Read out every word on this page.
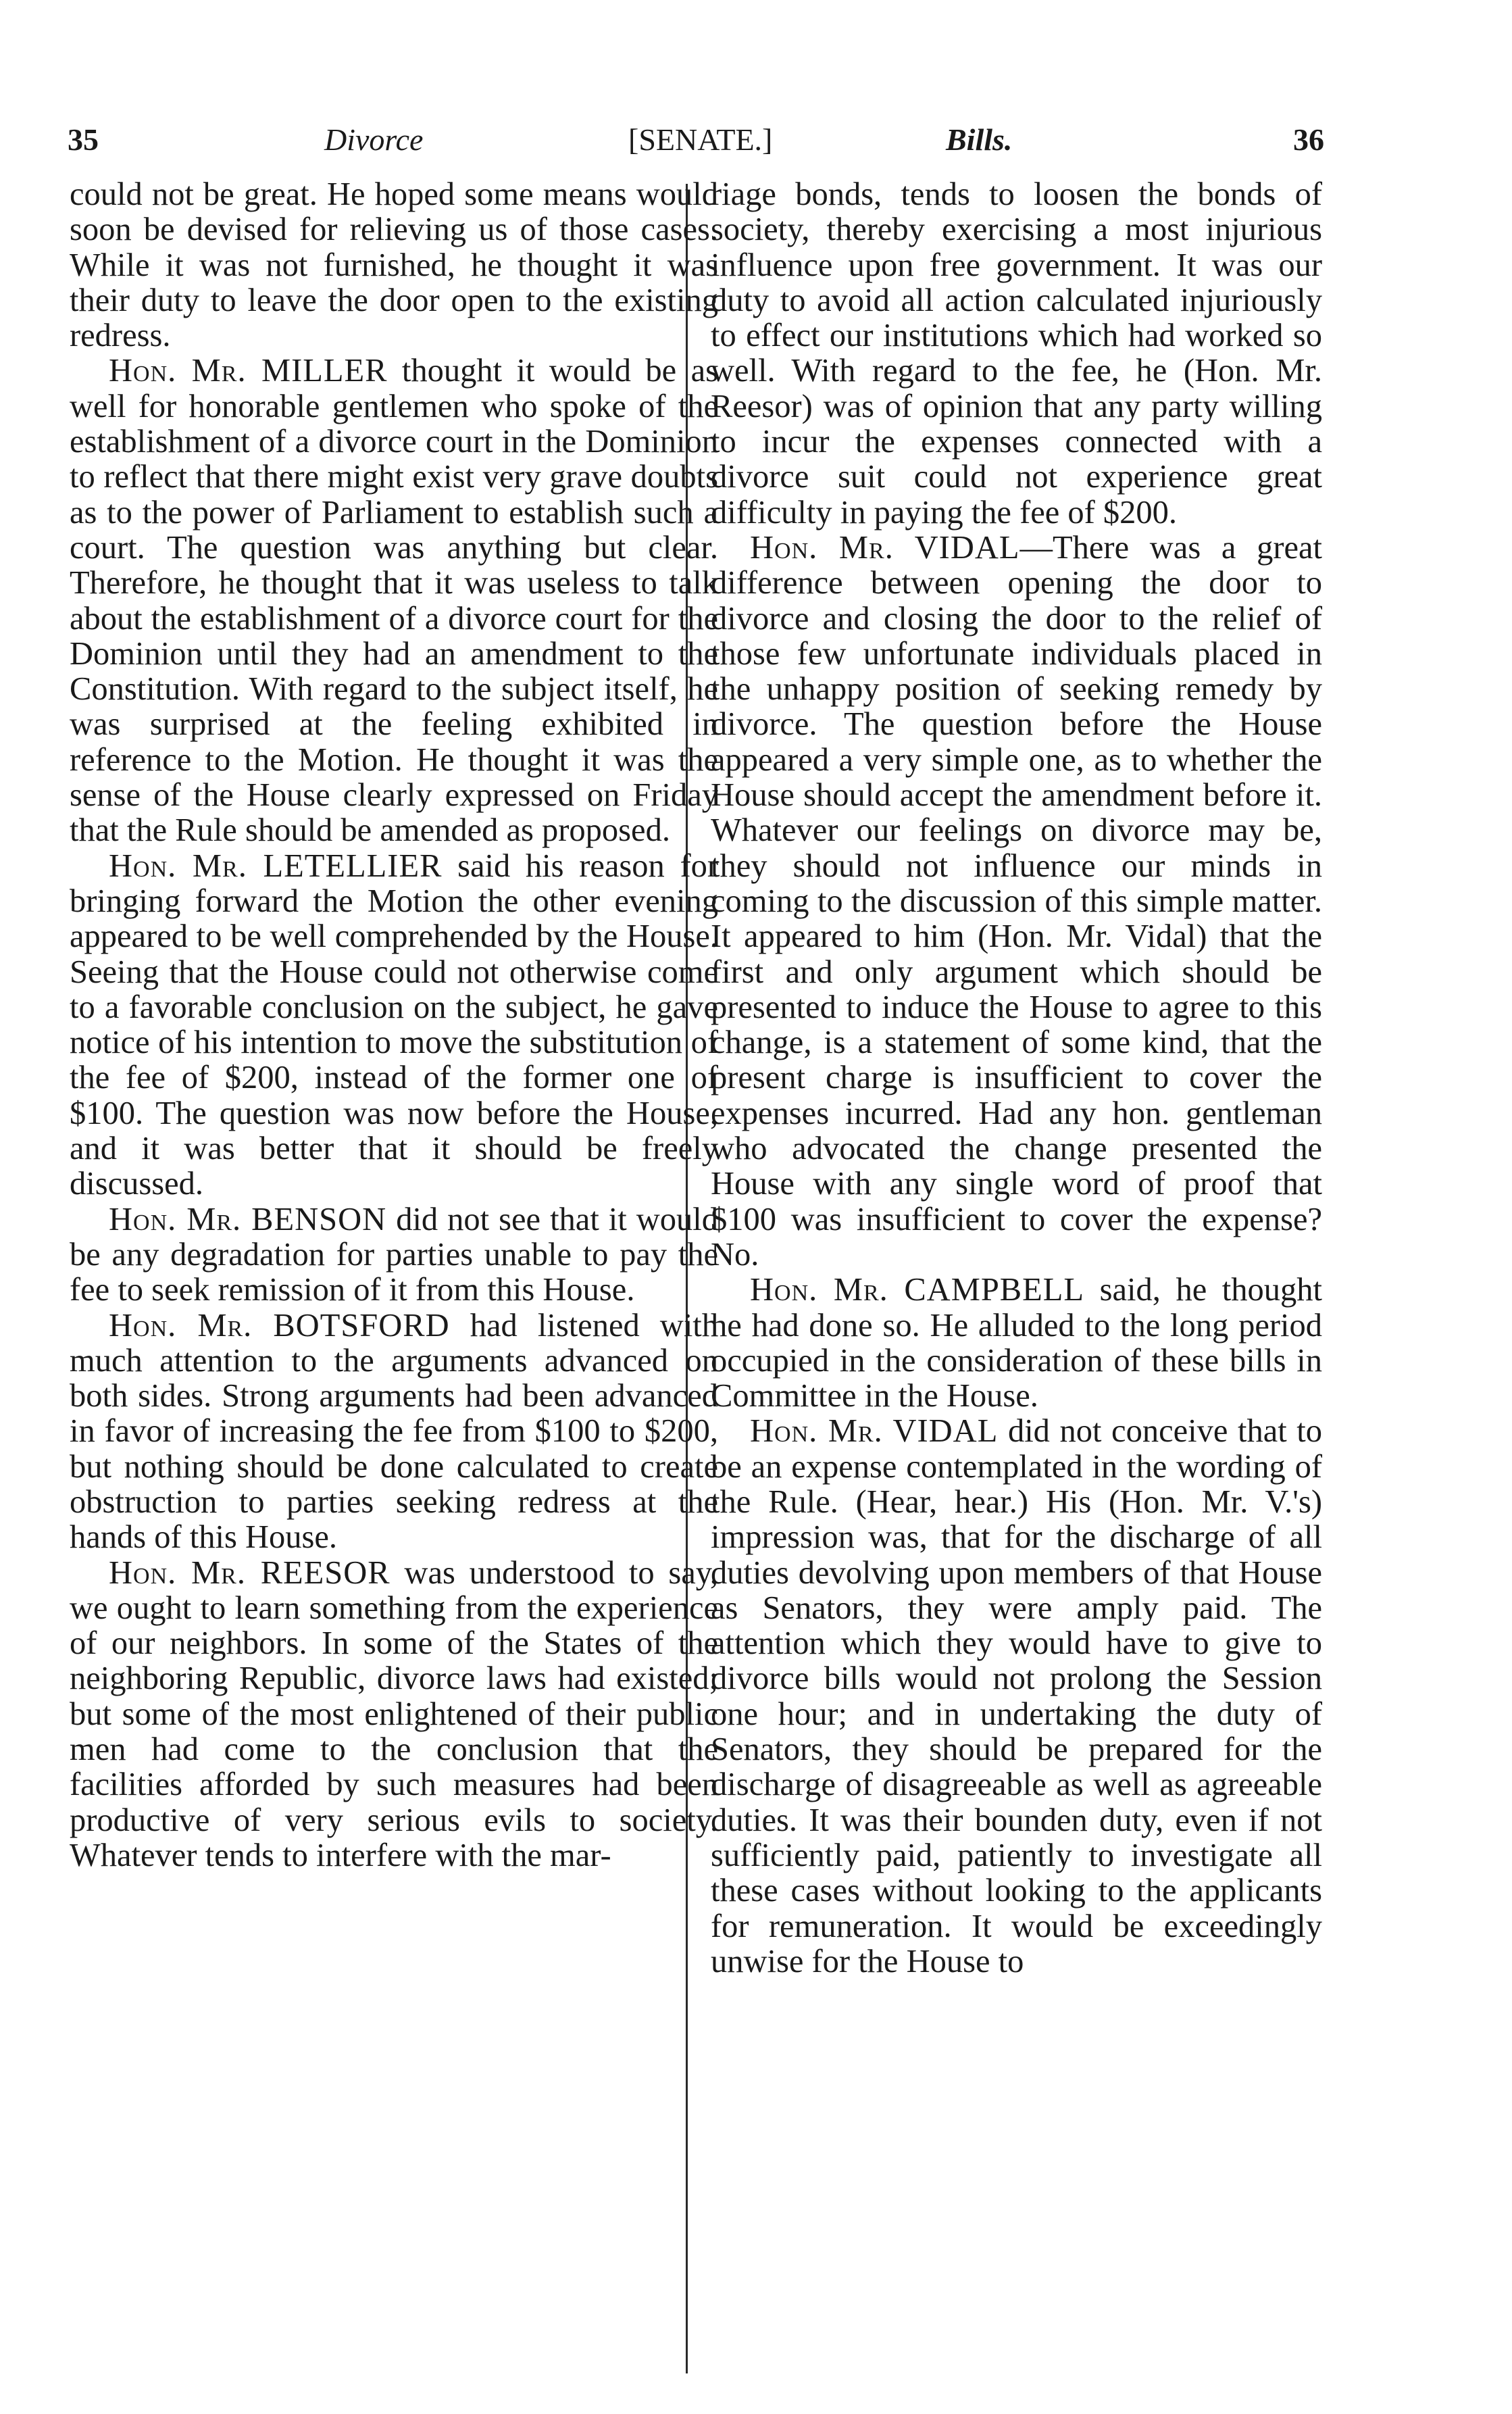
35	Divorce	[SENATE.]	Bills.	36

could not be great. He hoped some means would soon be devised for relieving us of those cases. While it was not furnished, he thought it was their duty to leave the door open to the existing redress.

Hon. Mr. MILLER thought it would be as well for honorable gentlemen who spoke of the establishment of a divorce court in the Dominion to reflect that there might exist very grave doubts as to the power of Parliament to establish such a court. The question was anything but clear. Therefore, he thought that it was useless to talk about the establishment of a divorce court for the Dominion until they had an amendment to the Constitution. With regard to the subject itself, he was surprised at the feeling exhibited in reference to the Motion. He thought it was the sense of the House clearly expressed on Friday that the Rule should be amended as proposed.

Hon. Mr. LETELLIER said his reason for bringing forward the Motion the other evening appeared to be well comprehended by the House. Seeing that the House could not otherwise come to a favorable conclusion on the subject, he gave notice of his intention to move the substitution of the fee of $200, instead of the former one of $100. The question was now before the House, and it was better that it should be freely discussed.

Hon. Mr. BENSON did not see that it would be any degradation for parties unable to pay the fee to seek remission of it from this House.

Hon. Mr. BOTSFORD had listened with much attention to the arguments advanced on both sides. Strong arguments had been advanced in favor of increasing the fee from $100 to $200, but nothing should be done calculated to create obstruction to parties seeking redress at the hands of this House.

Hon. Mr. REESOR was understood to say, we ought to learn something from the experience of our neighbors. In some of the States of the neighboring Republic, divorce laws had existed; but some of the most enlightened of their public men had come to the conclusion that the facilities afforded by such measures had been productive of very serious evils to society. Whatever tends to interfere with the mar-

riage bonds, tends to loosen the bonds of society, thereby exercising a most injurious influence upon free government. It was our duty to avoid all action calculated injuriously to effect our institutions which had worked so well. With regard to the fee, he (Hon. Mr. Reesor) was of opinion that any party willing to incur the expenses connected with a divorce suit could not experience great difficulty in paying the fee of $200.

Hon. Mr. VIDAL—There was a great difference between opening the door to divorce and closing the door to the relief of those few unfortunate individuals placed in the unhappy position of seeking remedy by divorce. The question before the House appeared a very simple one, as to whether the House should accept the amendment before it. Whatever our feelings on divorce may be, they should not influence our minds in coming to the discussion of this simple matter. It appeared to him (Hon. Mr. Vidal) that the first and only argument which should be presented to induce the House to agree to this change, is a statement of some kind, that the present charge is insufficient to cover the expenses incurred. Had any hon. gentleman who advocated the change presented the House with any single word of proof that $100 was insufficient to cover the expense? No.

Hon. Mr. CAMPBELL said, he thought he had done so. He alluded to the long period occupied in the consideration of these bills in Committee in the House.

Hon. Mr. VIDAL did not conceive that to be an expense contemplated in the wording of the Rule. (Hear, hear.) His (Hon. Mr. V.'s) impression was, that for the discharge of all duties devolving upon members of that House as Senators, they were amply paid. The attention which they would have to give to divorce bills would not prolong the Session one hour; and in undertaking the duty of Senators, they should be prepared for the discharge of disagreeable as well as agreeable duties. It was their bounden duty, even if not sufficiently paid, patiently to investigate all these cases without looking to the applicants for remuneration. It would be exceedingly unwise for the House to
